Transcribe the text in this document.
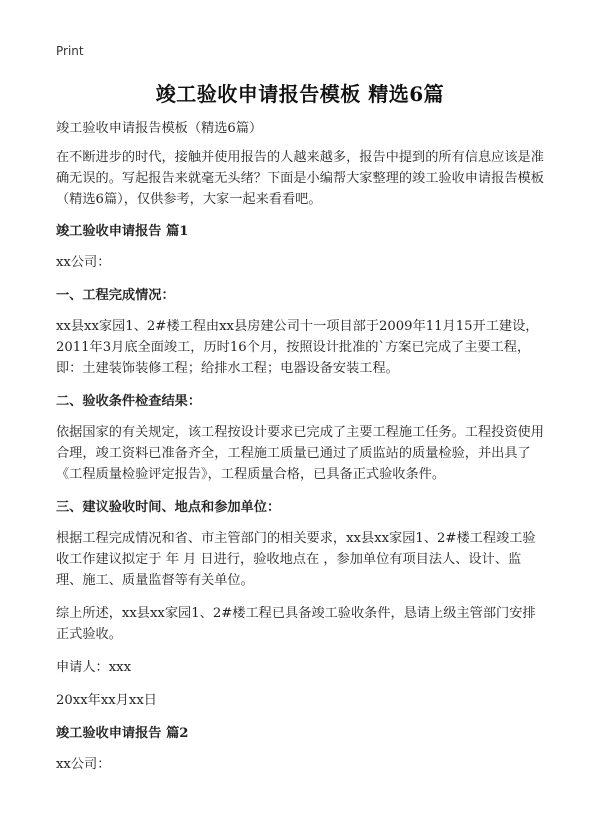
Print
竣工验收申请报告模板 精选6篇

竣工验收申请报告模板（精选6篇）

在不断进步的时代，接触并使用报告的人越来越多，报告中提到的所有信息应该是准确无误的。写起报告来就毫无头绪？下面是小编帮大家整理的竣工验收申请报告模板（精选6篇），仅供参考，大家一起来看看吧。

竣工验收申请报告 篇1

xx公司：

一、工程完成情况：

xx县xx家园1、2#楼工程由xx县房建公司十一项目部于2009年11月15开工建设，2011年3月底全面竣工，历时16个月，按照设计批准的`方案已完成了主要工程，即：土建装饰装修工程；给排水工程；电器设备安装工程。

二、验收条件检查结果：

依据国家的有关规定，该工程按设计要求已完成了主要工程施工任务。工程投资使用合理，竣工资料已准备齐全，工程施工质量已通过了质监站的质量检验，并出具了《工程质量检验评定报告》，工程质量合格，已具备正式验收条件。

三、建议验收时间、地点和参加单位：

根据工程完成情况和省、市主管部门的相关要求，xx县xx家园1、2#楼工程竣工验收工作建议拟定于 年 月 日进行，验收地点在 ，参加单位有项目法人、设计、监理、施工、质量监督等有关单位。

综上所述，xx县xx家园1、2#楼工程已具备竣工验收条件，恳请上级主管部门安排正式验收。

申请人：xxx

20xx年xx月xx日

竣工验收申请报告 篇2

xx公司：
